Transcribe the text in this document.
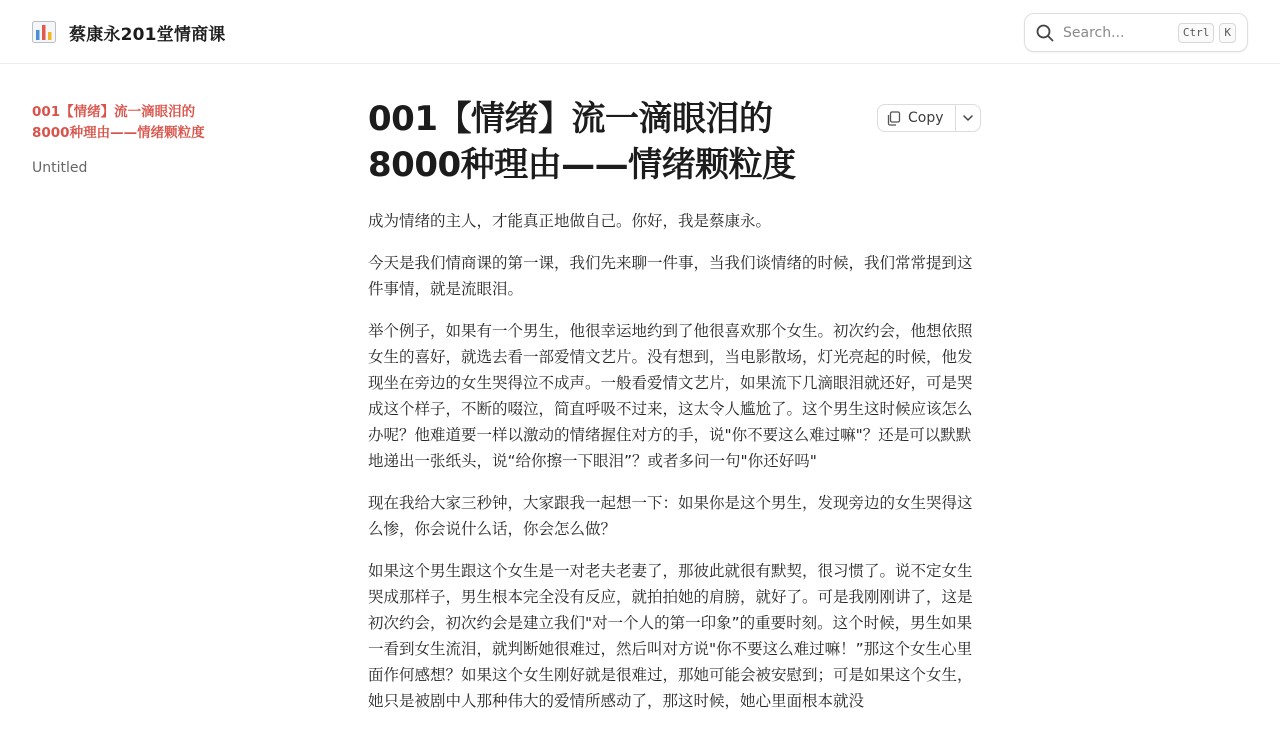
蔡康永201堂情商课	Search...	Ctrl	K
001【情绪】流一滴眼泪的8000种理由——情绪颗粒度
Untitled
001【情绪】流一滴眼泪的8000种理由——情绪颗粒度
Copy

成为情绪的主人，才能真正地做自己。你好，我是蔡康永。

今天是我们情商课的第一课，我们先来聊一件事，当我们谈情绪的时候，我们常常提到这件事情，就是流眼泪。

举个例子，如果有一个男生，他很幸运地约到了他很喜欢那个女生。初次约会，他想依照女生的喜好，就选去看一部爱情文艺片。没有想到，当电影散场，灯光亮起的时候，他发现坐在旁边的女生哭得泣不成声。一般看爱情文艺片，如果流下几滴眼泪就还好，可是哭成这个样子，不断的啜泣，简直呼吸不过来，这太令人尴尬了。这个男生这时候应该怎么办呢？他难道要一样以激动的情绪握住对方的手，说"你不要这么难过嘛"？还是可以默默地递出一张纸头，说“给你擦一下眼泪”？或者多问一句"你还好吗"

现在我给大家三秒钟，大家跟我一起想一下：如果你是这个男生，发现旁边的女生哭得这么惨，你会说什么话，你会怎么做？

如果这个男生跟这个女生是一对老夫老妻了，那彼此就很有默契，很习惯了。说不定女生哭成那样子，男生根本完全没有反应，就拍拍她的肩膀，就好了。可是我刚刚讲了，这是初次约会，初次约会是建立我们"对一个人的第一印象”的重要时刻。这个时候，男生如果一看到女生流泪，就判断她很难过，然后叫对方说"你不要这么难过嘛！”那这个女生心里面作何感想？如果这个女生刚好就是很难过，那她可能会被安慰到；可是如果这个女生，她只是被剧中人那种伟大的爱情所感动了，那这时候，她心里面根本就没
